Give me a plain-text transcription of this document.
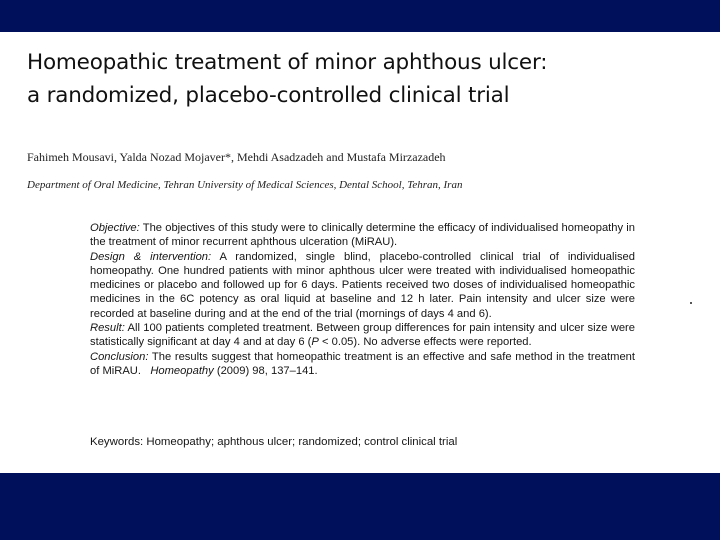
Homeopathic treatment of minor aphthous ulcer:
a randomized, placebo-controlled clinical trial
Fahimeh Mousavi, Yalda Nozad Mojaver*, Mehdi Asadzadeh and Mustafa Mirzazadeh
Department of Oral Medicine, Tehran University of Medical Sciences, Dental School, Tehran, Iran

Objective: The objectives of this study were to clinically determine the efficacy of individualised homeopathy in the treatment of minor recurrent aphthous ulceration (MiRAU).

Design & intervention: A randomized, single blind, placebo-controlled clinical trial of individualised homeopathy. One hundred patients with minor aphthous ulcer were treated with individualised homeopathic medicines or placebo and followed up for 6 days. Patients received two doses of individualised homeopathic medicines in the 6C potency as oral liquid at baseline and 12 h later. Pain intensity and ulcer size were recorded at baseline during and at the end of the trial (mornings of days 4 and 6).

Result: All 100 patients completed treatment. Between group differences for pain intensity and ulcer size were statistically significant at day 4 and at day 6 (P < 0.05). No adverse effects were reported.

Conclusion: The results suggest that homeopathic treatment is an effective and safe method in the treatment of MiRAU. Homeopathy (2009) 98, 137–141.

Keywords: Homeopathy; aphthous ulcer; randomized; control clinical trial
